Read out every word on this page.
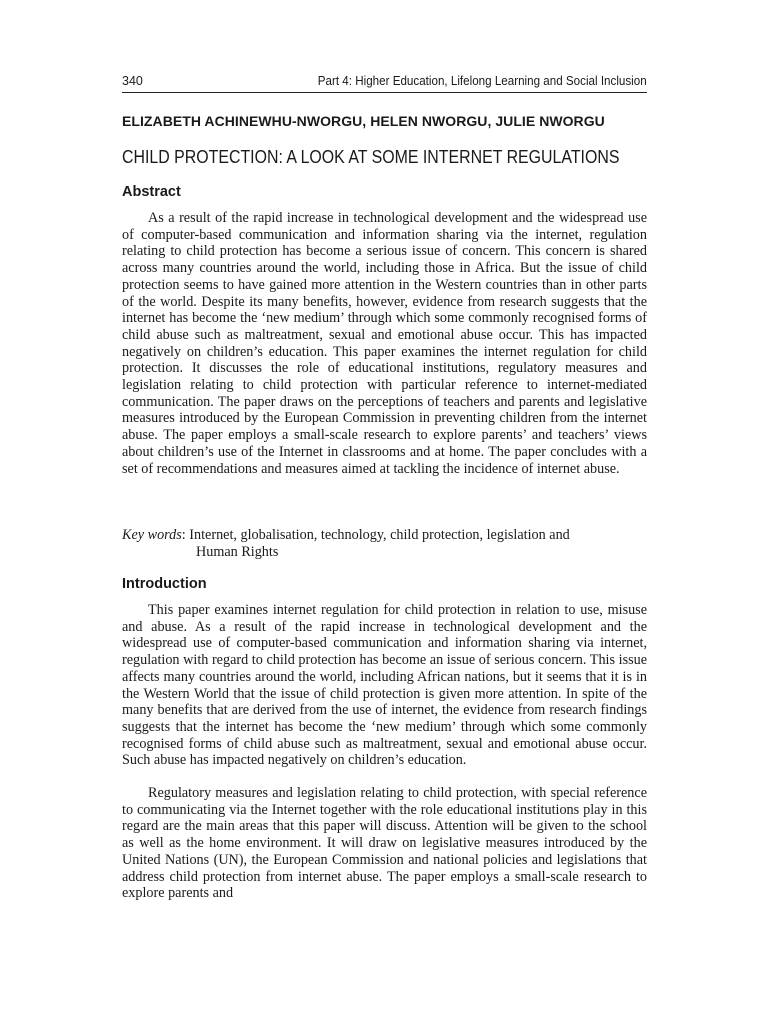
340	Part 4: Higher Education, Lifelong Learning and Social Inclusion
ELIZABETH ACHINEWHU-NWORGU, HELEN NWORGU, JULIE NWORGU
CHILD PROTECTION: A LOOK AT SOME INTERNET REGULATIONS
Abstract

As a result of the rapid increase in technological development and the widespread use of computer-based communication and information sharing via the internet, regulation relating to child protection has become a serious issue of concern. This concern is shared across many countries around the world, including those in Africa. But the issue of child protection seems to have gained more attention in the Western countries than in other parts of the world. Despite its many benefits, however, evidence from research suggests that the internet has become the ‘new medium’ through which some commonly recognised forms of child abuse such as maltreatment, sexual and emotional abuse occur. This has impacted negatively on children’s education. This paper examines the internet regulation for child protection. It discusses the role of educational institutions, regulatory measures and legislation relating to child protection with particular reference to internet-mediated communication. The paper draws on the perceptions of teachers and parents and legislative measures introduced by the European Commission in preventing children from the internet abuse. The paper employs a small-scale research to explore parents’ and teachers’ views about children’s use of the Internet in classrooms and at home. The paper concludes with a set of recommendations and measures aimed at tackling the incidence of internet abuse.

Key words: Internet, globalisation, technology, child protection, legislation and
Human Rights
Introduction

This paper examines internet regulation for child protection in relation to use, misuse and abuse. As a result of the rapid increase in technological development and the widespread use of computer-based communication and information sharing via internet, regulation with regard to child protection has become an issue of serious concern. This issue affects many countries around the world, including African nations, but it seems that it is in the Western World that the issue of child protection is given more attention. In spite of the many benefits that are derived from the use of internet, the evidence from research findings suggests that the internet has become the ‘new medium’ through which some commonly recognised forms of child abuse such as maltreatment, sexual and emotional abuse occur. Such abuse has impacted negatively on children’s education.

Regulatory measures and legislation relating to child protection, with special reference to communicating via the Internet together with the role educational institutions play in this regard are the main areas that this paper will discuss. Attention will be given to the school as well as the home environment. It will draw on legislative measures introduced by the United Nations (UN), the European Commission and national policies and legislations that address child protection from internet abuse. The paper employs a small-scale research to explore parents and
